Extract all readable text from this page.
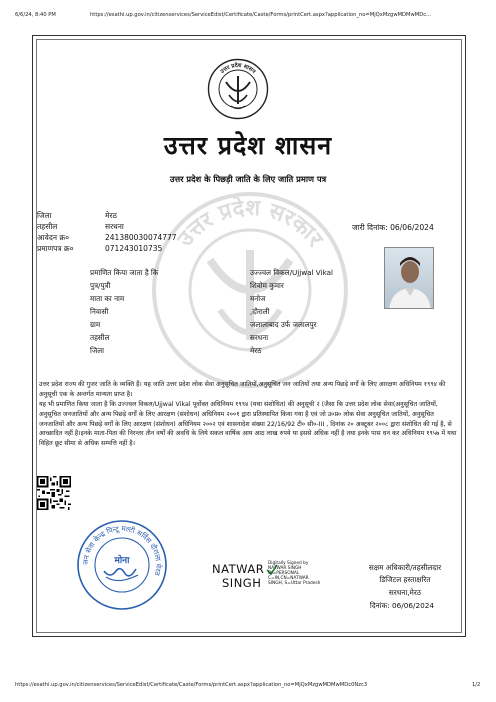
6/6/24, 8:40 PM	https://esathi.up.gov.in/citizenservices/ServiceEdist/Certificate/Caste/Forms/printCert.aspx?application_no=MjQxMzgwMDMwMDc...
उत्तर प्रदेश सरकार
उत्तर प्रदेश शासन
उत्तर प्रदेश शासन
उत्तर प्रदेश के पिछड़ी जाति के लिए जाति प्रमाण पत्र
जिला	मेरठ
तहसील	सरधना
आवेदन क्र०	241380030074777
प्रमाणपत्र क्र०	071243010735
जारी दिनांक: 06/06/2024
प्रमाणित किया जाता है कि	उज्ज्वल विकल/Ujjwal Vikal
पुत्र/पुत्री	शिवोम कुमार
माता का नाम	मनोज
निवासी	,दौराली
ग्राम	जलालाबाद उर्फ जलालपुर
तहसील	सरधना
जिला	मेरठ
उत्तर प्रदेश राज्य की गुजर जाति के व्यक्ति हैं। यह जाति उत्तर प्रदेश लोक सेवा अनुसूचित जातियों,अनुसूचित जन जातियों तथा अन्य पिछड़े वर्गों के लिए आरक्षण अधिनियम १९९४ की अनुसूची एक के अन्तर्गत मान्यता प्राप्त है।
यह भी प्रमाणित किया जाता है कि उज्ज्वल विकल/Ujjwal Vikal पूर्वोक्त अधिनियम १९९४ (यथा संशोधित) की अनुसूची २ (जैसा कि उत्तर प्रदेश लोक सेवा(अनुसूचित जातियों, अनुसूचित जनजातियों और अन्य पिछड़े वर्गों के लिए आरक्षण (संशोधन) अधिनियम २००१ द्वारा प्रतिस्थापित किया गया है एवं जो उ०प्र० लोक सेवा अनुसूचित जातियों, अनुसूचित जनजातियों और अन्य पिछड़े वर्गों के लिए आरक्षण (संशोधन) अधिनियम २००२ एवं शासनादेश संख्या 22/16/92 टी० सी०-III , दिनांक २० अक्टूबर २००८ द्वारा संशोधित की गई है, से आच्छादित नहीं है।इनके माता-पिता की निरन्तर तीन वर्षों की अवधि के लिये सकल वार्षिक आय आठ लाख रुपये या इससे अधिक नहीं है तथा इनके पास धन कर अधिनियम १९५७ में यथा विहित छूट सीमा से अधिक सम्पत्ति नहीं है।
जन सेवा केन्द्र पिन्टू मल्टी सर्विस दौराला मेरठ
मोना
NATWAR
SINGH
Digitally Signed by
NATWAR SINGH
OI=PERSONAL
C=IN,CN=NATWAR
SINGH, S=Uttar Pradesh
सक्षम अधिकारी/तहसीलदार
डिजिटल हस्ताक्षरित
सरधना,मेरठ
दिनांक: 06/06/2024
https://esathi.up.gov.in/citizenservices/ServiceEdist/Certificate/Caste/Forms/printCert.aspx?application_no=MjQxMzgwMDMwMDc0Nzc3	1/2
